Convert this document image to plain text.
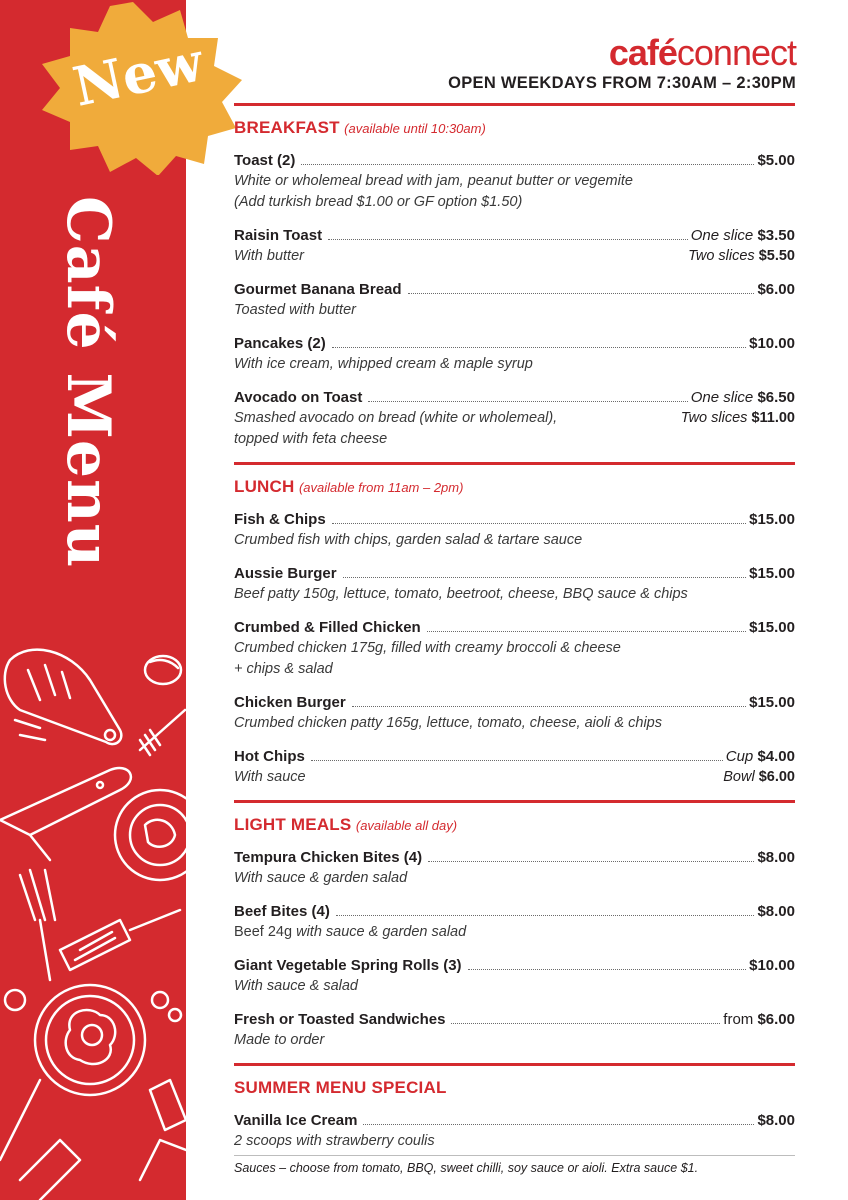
Café Menu
New	caféconnect
OPEN WEEKDAYS FROM 7:30AM – 2:30PM
BREAKFAST (available until 10:30am)
Toast (2)	$5.00
White or wholemeal bread with jam, peanut butter or vegemite
(Add turkish bread $1.00 or GF option $1.50)
Raisin Toast	One slice $3.50
With butter	Two slices $5.50
Gourmet Banana Bread	$6.00
Toasted with butter
Pancakes (2)	$10.00
With ice cream, whipped cream & maple syrup
Avocado on Toast	One slice $6.50
Smashed avocado on bread (white or wholemeal),	Two slices $11.00
topped with feta cheese
LUNCH (available from 11am – 2pm)
Fish & Chips	$15.00
Crumbed fish with chips, garden salad & tartare sauce
Aussie Burger	$15.00
Beef patty 150g, lettuce, tomato, beetroot, cheese, BBQ sauce & chips
Crumbed & Filled Chicken	$15.00
Crumbed chicken 175g, filled with creamy broccoli & cheese
+ chips & salad
Chicken Burger	$15.00
Crumbed chicken patty 165g, lettuce, tomato, cheese, aioli & chips
Hot Chips	Cup $4.00
With sauce	Bowl $6.00
LIGHT MEALS (available all day)
Tempura Chicken Bites (4)	$8.00
With sauce & garden salad
Beef Bites (4)	$8.00
Beef 24g with sauce & garden salad
Giant Vegetable Spring Rolls (3)	$10.00
With sauce & salad
Fresh or Toasted Sandwiches	from $6.00
Made to order
SUMMER MENU SPECIAL
Vanilla Ice Cream	$8.00
2 scoops with strawberry coulis
Sauces – choose from tomato, BBQ, sweet chilli, soy sauce or aioli. Extra sauce $1.
